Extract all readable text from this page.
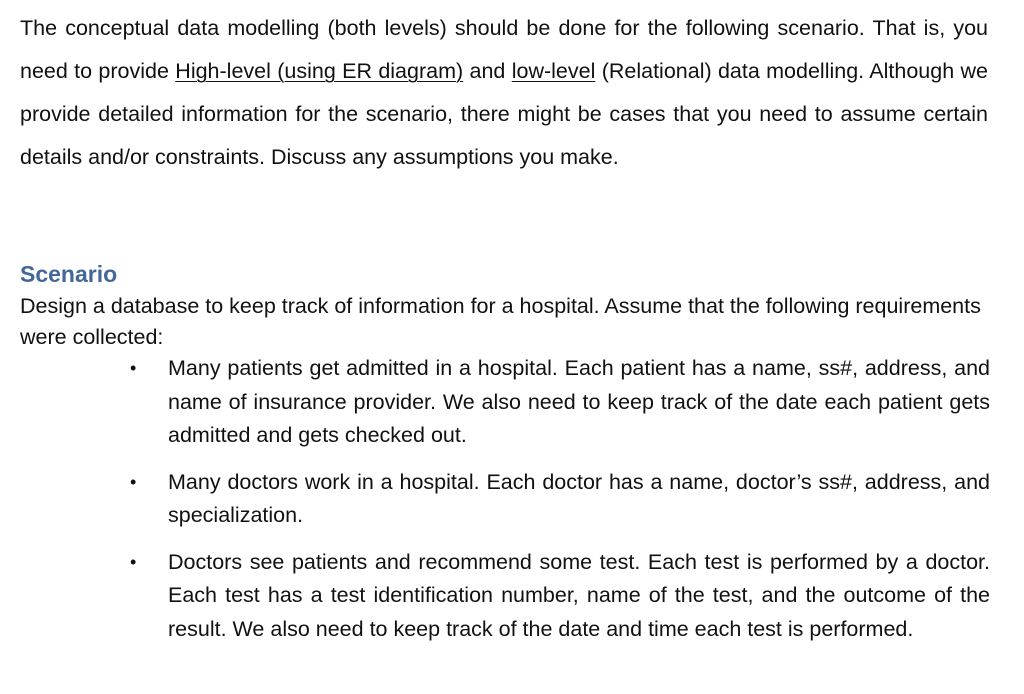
The conceptual data modelling (both levels) should be done for the following scenario. That is, you need to provide High-level (using ER diagram) and low-level (Relational) data modelling. Although we provide detailed information for the scenario, there might be cases that you need to assume certain details and/or constraints. Discuss any assumptions you make.

Scenario

Design a database to keep track of information for a hospital. Assume that the following requirements were collected:

• Many patients get admitted in a hospital. Each patient has a name, ss#, address, and name of insurance provider. We also need to keep track of the date each patient gets admitted and gets checked out.
• Many doctors work in a hospital. Each doctor has a name, doctor’s ss#, address, and specialization.
• Doctors see patients and recommend some test. Each test is performed by a doctor. Each test has a test identification number, name of the test, and the outcome of the result. We also need to keep track of the date and time each test is performed.
